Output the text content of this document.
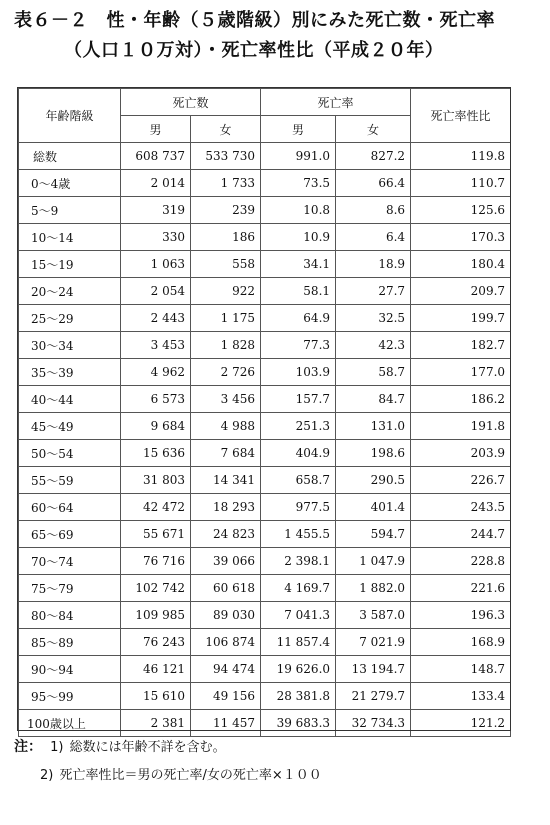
表６－２　性・年齢（５歳階級）別にみた死亡数・死亡率
（人口１０万対）・死亡率性比（平成２０年）
年齢階級	死亡数		死亡率		死亡率性比
	男	女	男	女	
総数	608 737	533 730	991.0	827.2	119.8
0～4歳	2 014	1 733	73.5	66.4	110.7
5～9	319	239	10.8	8.6	125.6
10～14	330	186	10.9	6.4	170.3
15～19	1 063	558	34.1	18.9	180.4
20～24	2 054	922	58.1	27.7	209.7
25～29	2 443	1 175	64.9	32.5	199.7
30～34	3 453	1 828	77.3	42.3	182.7
35～39	4 962	2 726	103.9	58.7	177.0
40～44	6 573	3 456	157.7	84.7	186.2
45～49	9 684	4 988	251.3	131.0	191.8
50～54	15 636	7 684	404.9	198.6	203.9
55～59	31 803	14 341	658.7	290.5	226.7
60～64	42 472	18 293	977.5	401.4	243.5
65～69	55 671	24 823	1 455.5	594.7	244.7
70～74	76 716	39 066	2 398.1	1 047.9	228.8
75～79	102 742	60 618	4 169.7	1 882.0	221.6
80～84	109 985	89 030	7 041.3	3 587.0	196.3
85～89	76 243	106 874	11 857.4	7 021.9	168.9
90～94	46 121	94 474	19 626.0	13 194.7	148.7
95～99	15 610	49 156	28 381.8	21 279.7	133.4
100歳以上	2 381	11 457	39 683.3	32 734.3	121.2
注： 1) 総数には年齢不詳を含む。
2) 死亡率性比＝男の死亡率/女の死亡率×１００
